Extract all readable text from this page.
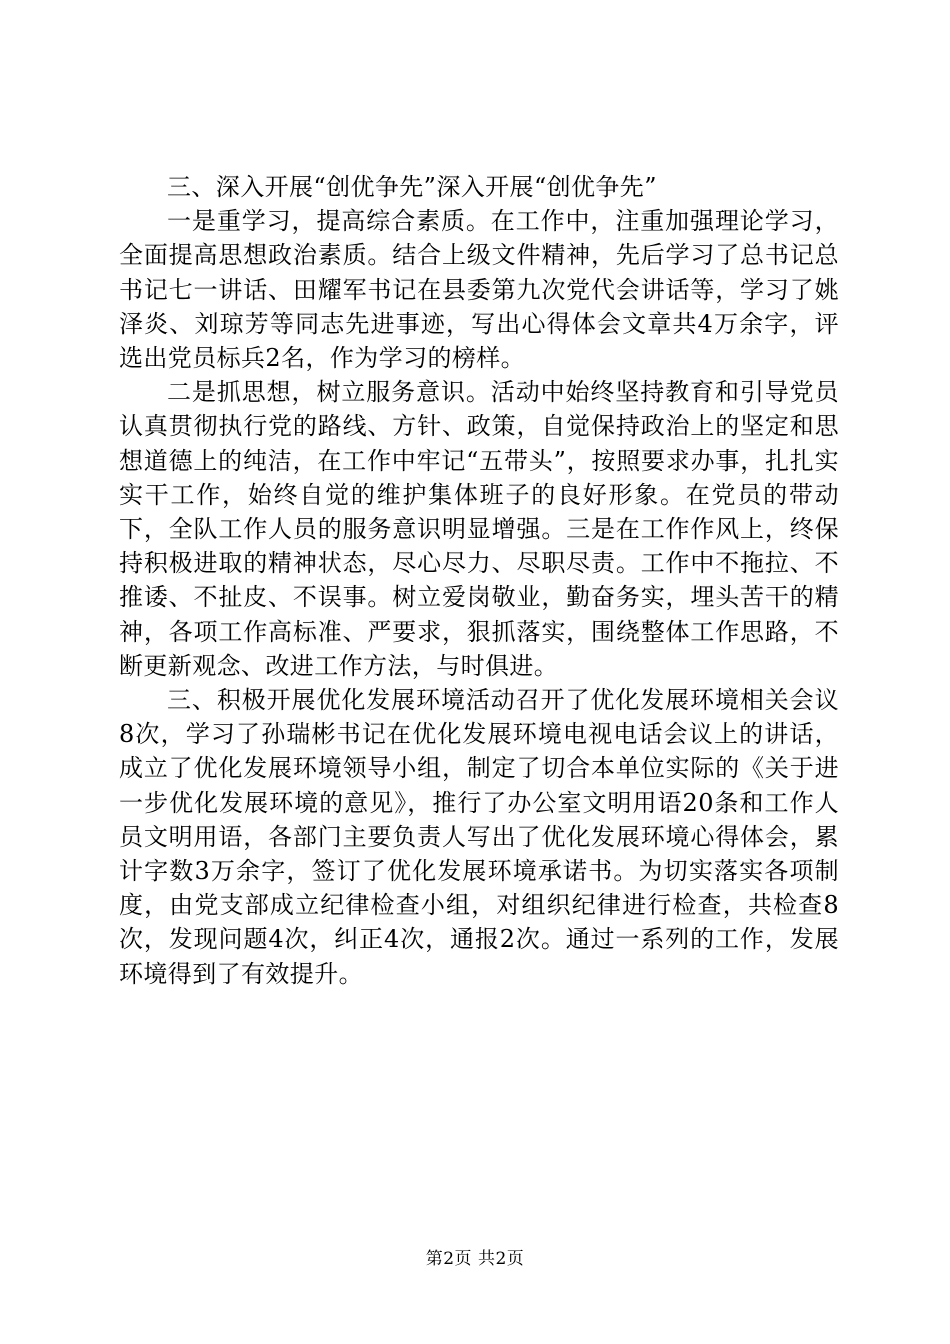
三、深入开展“创优争先”深入开展“创优争先”

一是重学习，提高综合素质。在工作中，注重加强理论学习，全面提高思想政治素质。结合上级文件精神，先后学习了总书记总书记七一讲话、田耀军书记在县委第九次党代会讲话等，学习了姚泽炎、刘琼芳等同志先进事迹，写出心得体会文章共4万余字，评选出党员标兵2名，作为学习的榜样。

二是抓思想，树立服务意识。活动中始终坚持教育和引导党员认真贯彻执行党的路线、方针、政策，自觉保持政治上的坚定和思想道德上的纯洁，在工作中牢记“五带头”，按照要求办事，扎扎实实干工作，始终自觉的维护集体班子的良好形象。在党员的带动下，全队工作人员的服务意识明显增强。三是在工作作风上，终保持积极进取的精神状态，尽心尽力、尽职尽责。工作中不拖拉、不推诿、不扯皮、不误事。树立爱岗敬业，勤奋务实，埋头苦干的精神，各项工作高标准、严要求，狠抓落实，围绕整体工作思路，不断更新观念、改进工作方法，与时俱进。

三、积极开展优化发展环境活动召开了优化发展环境相关会议8次，学习了孙瑞彬书记在优化发展环境电视电话会议上的讲话，成立了优化发展环境领导小组，制定了切合本单位实际的《关于进一步优化发展环境的意见》，推行了办公室文明用语20条和工作人员文明用语，各部门主要负责人写出了优化发展环境心得体会，累计字数3万余字，签订了优化发展环境承诺书。为切实落实各项制度，由党支部成立纪律检查小组，对组织纪律进行检查，共检查8次，发现问题4次，纠正4次，通报2次。通过一系列的工作，发展环境得到了有效提升。

第2页 共2页
